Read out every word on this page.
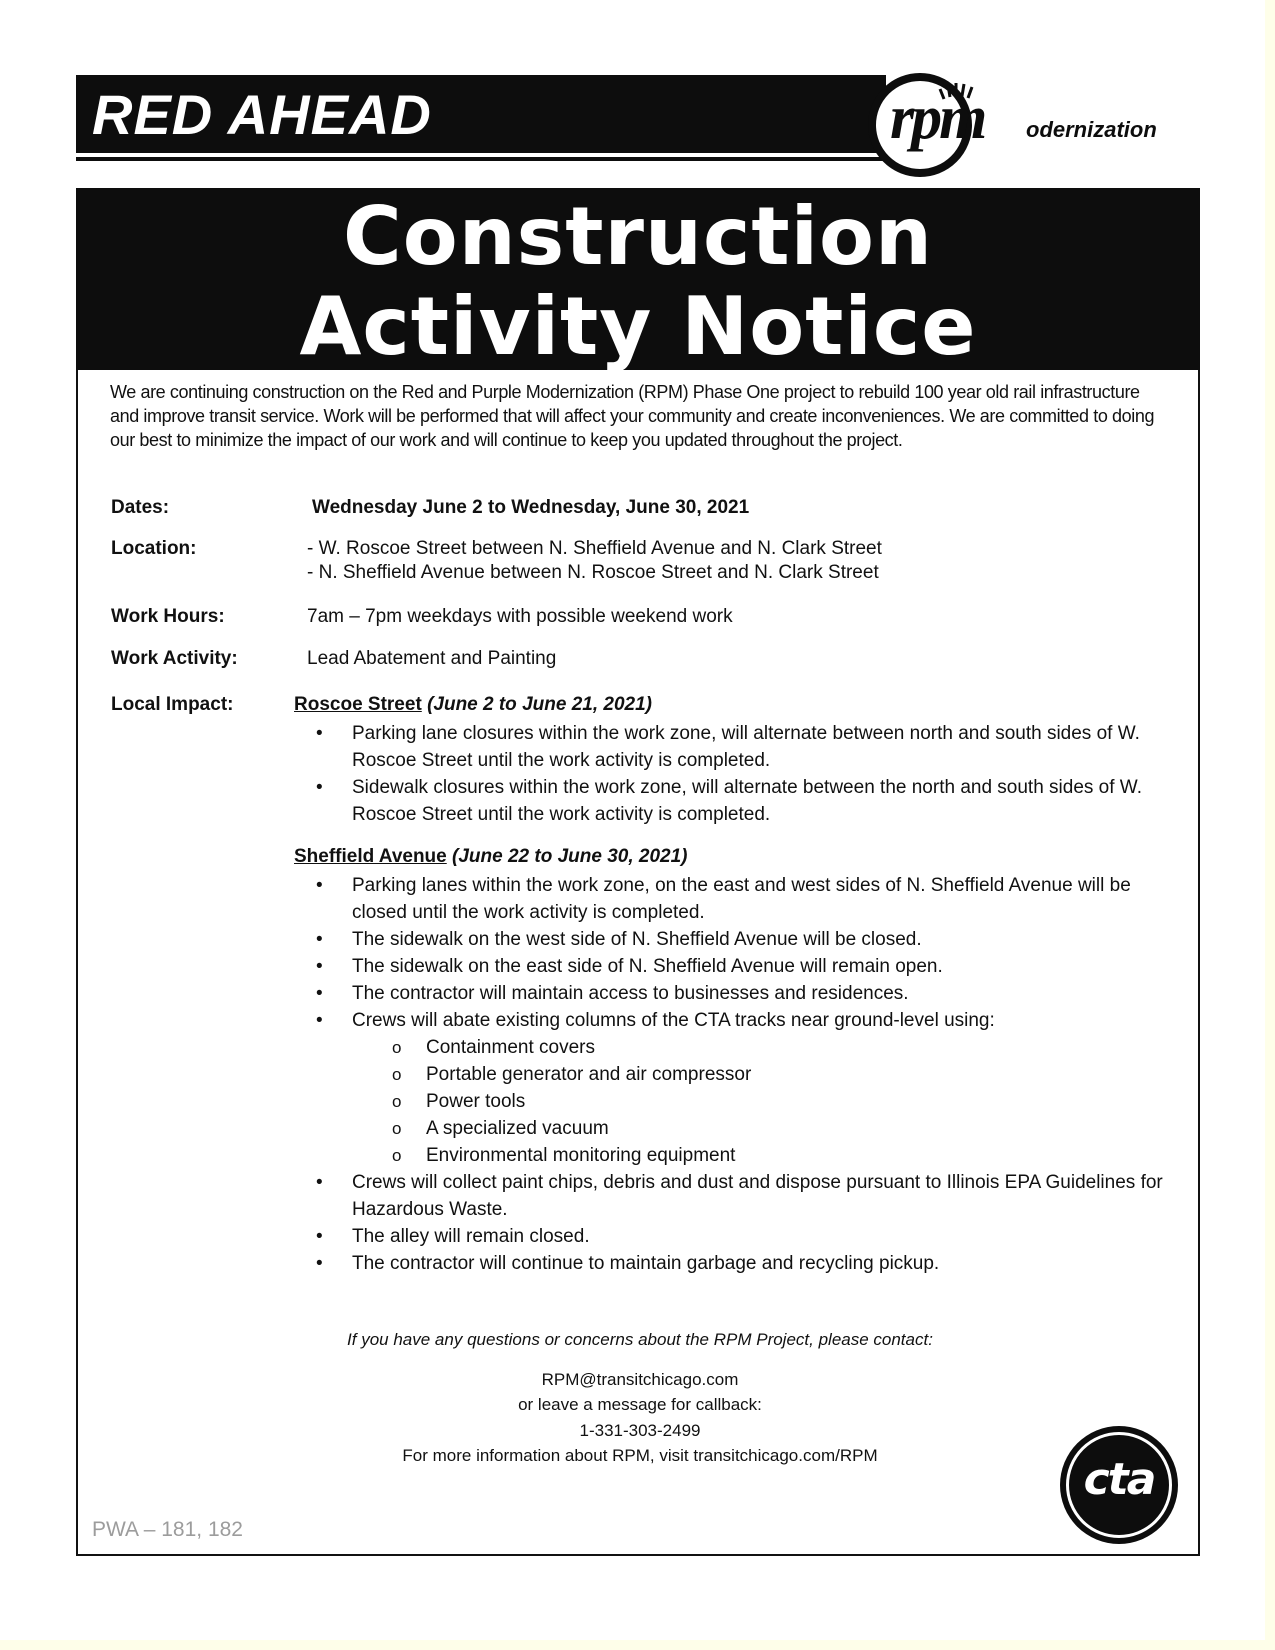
RED AHEAD	rpm odernization
Construction
Activity Notice
We are continuing construction on the Red and Purple Modernization (RPM) Phase One project to rebuild 100 year old rail infrastructure and improve transit service. Work will be performed that will affect your community and create inconveniences. We are committed to doing our best to minimize the impact of our work and will continue to keep you updated throughout the project.
Dates:	Wednesday June 2 to Wednesday, June 30, 2021
Location:	- W. Roscoe Street between N. Sheffield Avenue and N. Clark Street
- N. Sheffield Avenue between N. Roscoe Street and N. Clark Street
Work Hours:	7am – 7pm weekdays with possible weekend work
Work Activity:	Lead Abatement and Painting
Local Impact:	Roscoe Street (June 2 to June 21, 2021)
• Parking lane closures within the work zone, will alternate between north and south sides of W. Roscoe Street until the work activity is completed.
• Sidewalk closures within the work zone, will alternate between the north and south sides of W. Roscoe Street until the work activity is completed.
Sheffield Avenue (June 22 to June 30, 2021)
• Parking lanes within the work zone, on the east and west sides of N. Sheffield Avenue will be closed until the work activity is completed.
• The sidewalk on the west side of N. Sheffield Avenue will be closed.
• The sidewalk on the east side of N. Sheffield Avenue will remain open.
• The contractor will maintain access to businesses and residences.
• Crews will abate existing columns of the CTA tracks near ground-level using:
o Containment covers
o Portable generator and air compressor
o Power tools
o A specialized vacuum
o Environmental monitoring equipment
• Crews will collect paint chips, debris and dust and dispose pursuant to Illinois EPA Guidelines for Hazardous Waste.
• The alley will remain closed.
• The contractor will continue to maintain garbage and recycling pickup.
If you have any questions or concerns about the RPM Project, please contact:
RPM@transitchicago.com
or leave a message for callback:
1-331-303-2499
For more information about RPM, visit transitchicago.com/RPM
PWA – 181, 182
cta
